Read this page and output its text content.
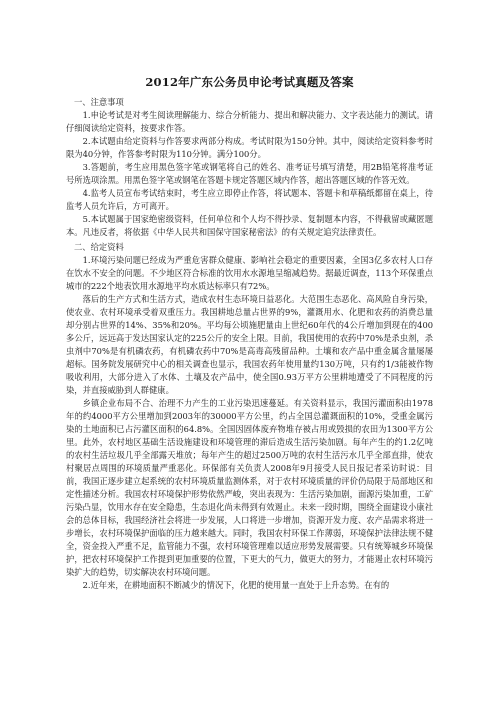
2012年广东公务员申论考试真题及答案
一、注意事项

1.申论考试是对考生阅读理解能力、综合分析能力、提出和解决能力、文字表达能力的测试。请仔细阅读给定资料，按要求作答。

2.本试题由给定资料与作答要求两部分构成。考试时限为150分钟。其中，阅读给定资料参考时限为40分钟，作答参考时限为110分钟。满分100分。

3.答题前，考生应用黑色签字笔或钢笔将自己的姓名、准考证号填写清楚，用2B铅笔将准考证号所选项涂黑。用黑色签字笔或钢笔在答题卡规定答题区域内作答，超出答题区域的作答无效。

4.监考人员宣布考试结束时，考生应立即停止作答，将试题本、答题卡和草稿纸都留在桌上，待监考人员允许后，方可离开。

5.本试题属于国家绝密级资料，任何单位和个人均不得抄录、复制题本内容，不得截留或藏匿题本。凡违反者，将依据《中华人民共和国保守国家秘密法》的有关规定追究法律责任。

二、给定资料

1.环境污染问题已经成为严重危害群众健康、影响社会稳定的重要因素，全国3亿多农村人口存在饮水不安全的问题。不少地区符合标准的饮用水水源地呈缩减趋势。据最近调查，113个环保重点城市的222个地表饮用水源地平均水质达标率只有72%。

落后的生产方式和生活方式，造成农村生态环境日益恶化。大范围生态恶化、高风险自身污染，使农业、农村环境承受着双重压力。我国耕地总量占世界的9%，灌溉用水、化肥和农药的消费总量却分别占世界的14%、35%和20%。平均每公顷施肥量由上世纪60年代的4公斤增加到现在的400多公斤，远远高于发达国家认定的225公斤的安全上限。目前，我国使用的农药中70%是杀虫剂，杀虫剂中70%是有机磷农药，有机磷农药中70%是高毒高残留品种。土壤和农产品中重金属含量屡屡超标。国务院发展研究中心的相关调查也显示，我国农药年使用量约130万吨，只有约1/3能被作物吸收利用，大部分进入了水体、土壤及农产品中，使全国0.93万平方公里耕地遭受了不同程度的污染，并直接威胁到人群健康。

乡镇企业布局不合、治理不力产生的工业污染迅速蔓延。有关资料显示，我国污灌面积由1978年的约4000平方公里增加到2003年的30000平方公里，约占全国总灌溉面积的10%，受重金属污染的土地面积已占污灌区面积的64.8%。全国因固体废弃物堆存被占用或毁损的农田为1300平方公里。此外，农村地区基础生活设施建设和环境管理的滞后造成生活污染加剧。每年产生的约1.2亿吨的农村生活垃圾几乎全部露天堆放；每年产生的超过2500万吨的农村生活污水几乎全部直排，使农村聚居点周围的环境质量严重恶化。环保部有关负责人2008年9月接受人民日报记者采访时说：目前，我国正逐步建立起系统的农村环境质量监测体系，对于农村环境质量的评价仍局限于局部地区和定性描述分析。我国农村环境保护形势依然严峻，突出表现为：生活污染加剧，面源污染加重，工矿污染凸显，饮用水存在安全隐患，生态退化尚未得到有效遏止。未来一段时期，围绕全面建设小康社会的总体目标，我国经济社会将进一步发展，人口将进一步增加，资源开发力度、农产品需求将进一步增长，农村环境保护面临的压力越来越大。同时，我国农村环保工作薄弱，环境保护法律法规不健全，资金投入严重不足，监管能力不强，农村环境管理难以适应形势发展需要。只有统筹城乡环境保护，把农村环境保护工作提到更加重要的位置，下更大的气力，做更大的努力，才能遏止农村环境污染扩大的趋势，切实解决农村环境问题。

2.近年来，在耕地面积不断减少的情况下，化肥的使用量一直处于上升态势。在有的
